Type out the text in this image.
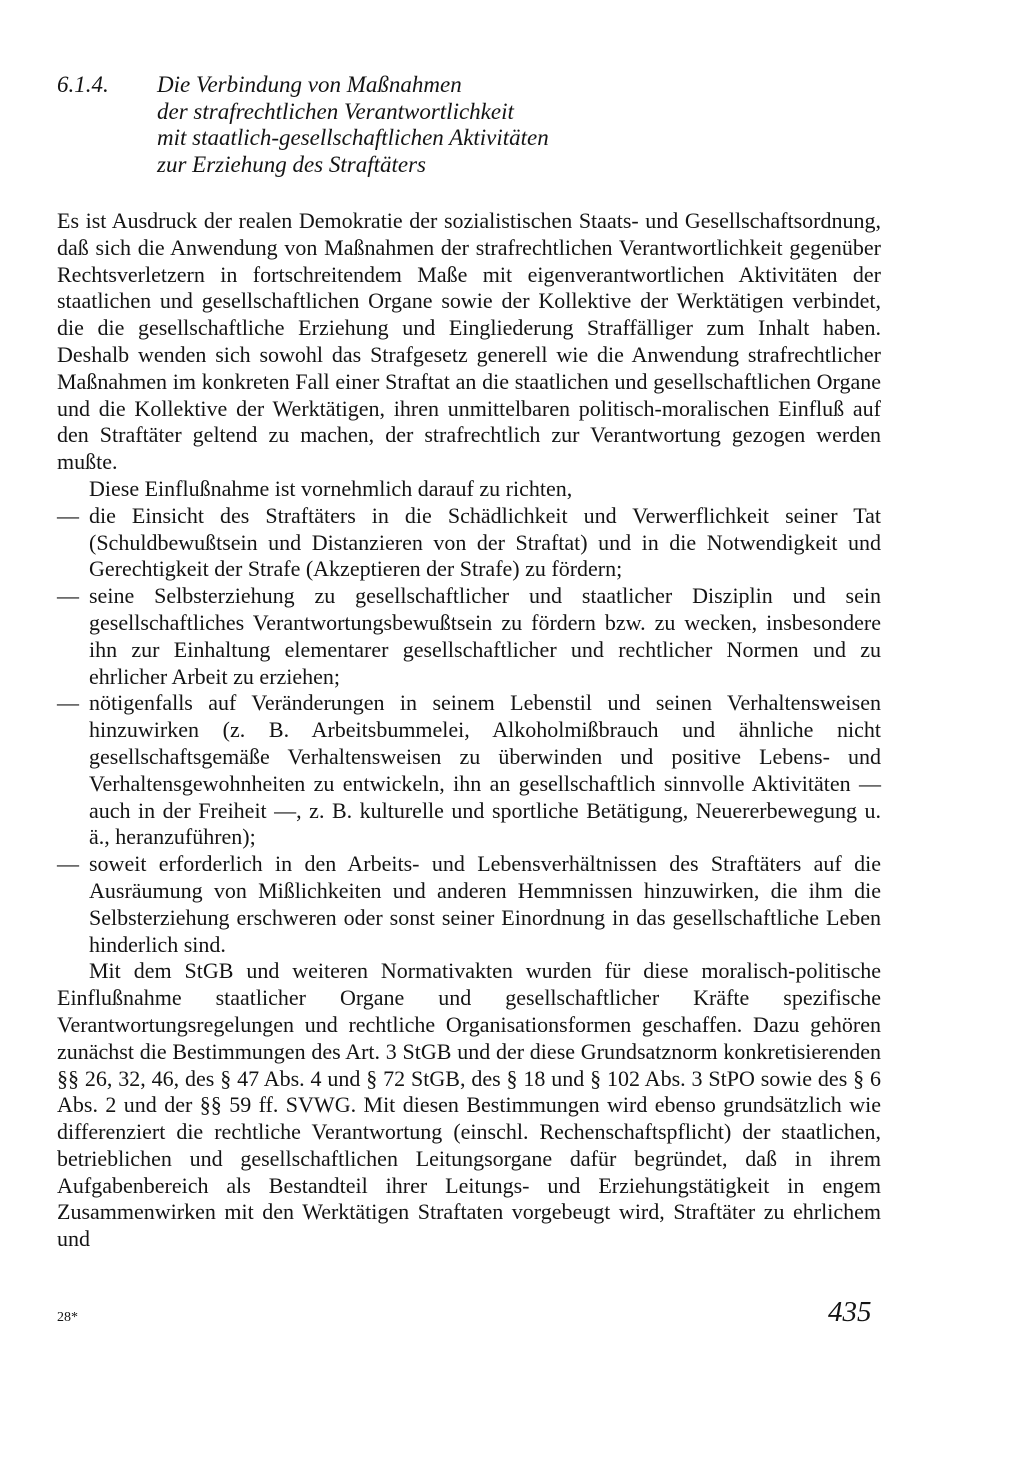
6.1.4.	Die Verbindung von Maßnahmen
der strafrechtlichen Verantwortlichkeit
mit staatlich-gesellschaftlichen Aktivitäten
zur Erziehung des Straftäters

Es ist Ausdruck der realen Demokratie der sozialistischen Staats- und Gesellschaftsordnung, daß sich die Anwendung von Maßnahmen der strafrechtlichen Verantwortlichkeit gegenüber Rechtsverletzern in fortschreitendem Maße mit eigenverantwortlichen Aktivitäten der staatlichen und gesellschaftlichen Organe sowie der Kollektive der Werktätigen verbindet, die die gesellschaftliche Erziehung und Eingliederung Straffälliger zum Inhalt haben. Deshalb wenden sich sowohl das Strafgesetz generell wie die Anwendung strafrechtlicher Maßnahmen im konkreten Fall einer Straftat an die staatlichen und gesellschaftlichen Organe und die Kollektive der Werktätigen, ihren unmittelbaren politisch-moralischen Einfluß auf den Straftäter geltend zu machen, der strafrechtlich zur Verantwortung gezogen werden mußte.

Diese Einflußnahme ist vornehmlich darauf zu richten,

— die Einsicht des Straftäters in die Schädlichkeit und Verwerflichkeit seiner Tat (Schuldbewußtsein und Distanzieren von der Straftat) und in die Notwendigkeit und Gerechtigkeit der Strafe (Akzeptieren der Strafe) zu fördern;
— seine Selbsterziehung zu gesellschaftlicher und staatlicher Disziplin und sein gesellschaftliches Verantwortungsbewußtsein zu fördern bzw. zu wecken, insbesondere ihn zur Einhaltung elementarer gesellschaftlicher und rechtlicher Normen und zu ehrlicher Arbeit zu erziehen;
— nötigenfalls auf Veränderungen in seinem Lebenstil und seinen Verhaltensweisen hinzuwirken (z. B. Arbeitsbummelei, Alkoholmißbrauch und ähnliche nicht gesellschaftsgemäße Verhaltensweisen zu überwinden und positive Lebens- und Verhaltensgewohnheiten zu entwickeln, ihn an gesellschaftlich sinnvolle Aktivitäten — auch in der Freiheit —, z. B. kulturelle und sportliche Betätigung, Neuererbewegung u. ä., heranzuführen);
— soweit erforderlich in den Arbeits- und Lebensverhältnissen des Straftäters auf die Ausräumung von Mißlichkeiten und anderen Hemmnissen hinzuwirken, die ihm die Selbsterziehung erschweren oder sonst seiner Einordnung in das gesellschaftliche Leben hinderlich sind.

Mit dem StGB und weiteren Normativakten wurden für diese moralisch-politische Einflußnahme staatlicher Organe und gesellschaftlicher Kräfte spezifische Verantwortungsregelungen und rechtliche Organisationsformen geschaffen. Dazu gehören zunächst die Bestimmungen des Art. 3 StGB und der diese Grundsatznorm konkretisierenden §§ 26, 32, 46, des § 47 Abs. 4 und § 72 StGB, des § 18 und § 102 Abs. 3 StPO sowie des § 6 Abs. 2 und der §§ 59 ff. SVWG. Mit diesen Bestimmungen wird ebenso grundsätzlich wie differenziert die rechtliche Verantwortung (einschl. Rechenschaftspflicht) der staatlichen, betrieblichen und gesellschaftlichen Leitungsorgane dafür begründet, daß in ihrem Aufgabenbereich als Bestandteil ihrer Leitungs- und Erziehungstätigkeit in engem Zusammenwirken mit den Werktätigen Straftaten vorgebeugt wird, Straftäter zu ehrlichem und

28*	435
